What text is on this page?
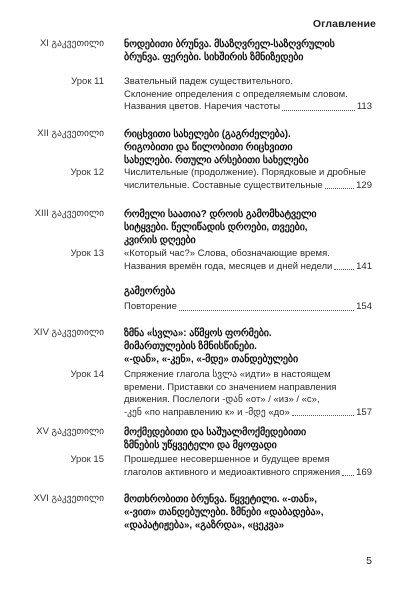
Оглавление
XI გაკვეთილი ნოდებითი ბრუნვა. მსაზღვრელ-საზღვრულის
ბრუნვა. ფერები. სიხშირის ზმნიზედები
Урок 11 Звательный падеж существительного.
Склонение определения с определяемым словом.
Названия цветов. Наречия частоты	113
XII გაკვეთილი რიცხვითი სახელები (გაგრძელება).
რიგობითი და წილობითი რიცხვითი
სახელები. რთული არსებითი სახელები
Урок 12 Числительные (продолжение). Порядковые и дробные
числительные. Составные существительные	129
XIII გაკვეთილი რომელი საათია? დროის გამომხატველი
სიტყვები. წელიწადის დროები, თვეები,
კვირის დღეები
Урок 13 «Который час?» Слова, обозначающие время.
Названия времён года, месяцев и дней недели	141
გამეორება
Повторение	154
XIV გაკვეთილი ზმნა «სვლა»: აწმყოს ფორმები.
მიმართულების ზმნისწინები.
«-დან», «-კენ», «-მდე» თანდებულები
Урок 14 Спряжение глагола სვლა «идти» в настоящем
времени. Приставки со значением направления
движения. Послелоги -დან «от» / «из» / «с»,
-კენ «по направлению к» и -მდე «до»	157
XV გაკვეთილი მოქმედებითი და საშუალმოქმედებითი
ზმნების უწყვეტელი და მყოფადი
Урок 15 Прошедшее несовершенное и будущее время
глаголов активного и медиоактивного спряжения 169
XVI გაკვეთილი მოთხრობითი ბრუნვა. წყვეტილი. «-თან»,
«-ვით» თანდებულები. ზმნები «დაბადება»,
«დაპატიჟება», «გაზრდა», «ცეკვა»
5
